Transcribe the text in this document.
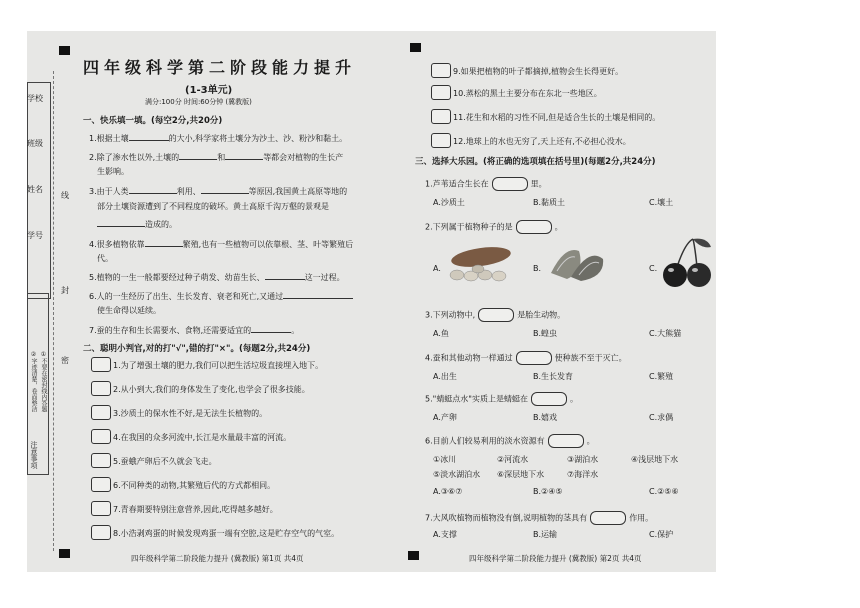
学校
班级
姓名
学号
线
封
密
注意事项
①不要在密封线内答题
②字迹清楚，卷面整洁
四年级科学第二阶段能力提升
(1-3单元)
满分:100分 时间:60分钟 (冀教版)
一、快乐填一填。(每空2分,共20分)
1.根据土壤	的大小,科学家将土壤分为沙土、沙、粉沙和黏土。
2.除了渗水性以外,土壤的	和	等都会对植物的生长产
生影响。
3.由于人类	利用、	等原因,我国黄土高原等地的
部分土壤资源遭到了不同程度的破坏。黄土高原千沟万壑的景观是
造成的。
4.很多植物依靠	繁殖,也有一些植物可以依靠根、茎、叶等繁殖后
代。
5.植物的一生一般都要经过种子萌发、幼苗生长、	这一过程。
6.人的一生经历了出生、生长发育、衰老和死亡,又通过
使生命得以延续。
7.蚕的生存和生长需要水、食物,还需要适宜的	。
二、聪明小判官,对的打"√",错的打"×"。(每题2分,共24分)
1.为了增强土壤的肥力,我们可以把生活垃圾直接埋入地下。
2.从小到大,我们的身体发生了变化,也学会了很多技能。
3.沙质土的保水性不好,是无法生长植物的。
4.在我国的众多河流中,长江是水量最丰富的河流。
5.蚕蛾产卵后不久就会飞走。
6.不同种类的动物,其繁殖后代的方式都相同。
7.青春期要特别注意营养,因此,吃得越多越好。
8.小浩剥鸡蛋的时候发现鸡蛋一端有空腔,这是贮存空气的气室。
四年级科学第二阶段能力提升 (冀教版) 第1页 共4页
9.如果把植物的叶子都摘掉,植物会生长得更好。
10.蒸松的黑土主要分布在东北一些地区。
11.花生和水稻的习性不同,但是适合生长的土壤是相同的。
12.地球上的水也无穷了,天上还有,不必担心没水。
三、选择大乐园。(将正确的选项填在括号里)(每题2分,共24分)
1.芦苇适合生长在	里。
A.沙质土	B.黏质土	C.壤土
2.下列属于植物种子的是	。
A.	B.	C.
3.下列动物中,	是胎生动物。
A.鱼	B.蝗虫	C.大熊猫
4.蚕和其他动物一样通过	使种族不至于灭亡。
A.出生	B.生长发育	C.繁殖
5."蜻蜓点水"实质上是蜻蜓在	。
A.产卵	B.嬉戏	C.求偶
6.目前人们较易利用的淡水资源有	。
①冰川	②河流水	③湖泊水	④浅层地下水
⑤淡水湖泊水 ⑥深层地下水	⑦海洋水
A.③⑥⑦	B.②④⑤	C.②⑤⑥
7.大风吹植物而植物没有倒,说明植物的茎具有	作用。
A.支撑	B.运输	C.保护
四年级科学第二阶段能力提升 (冀教版) 第2页 共4页
